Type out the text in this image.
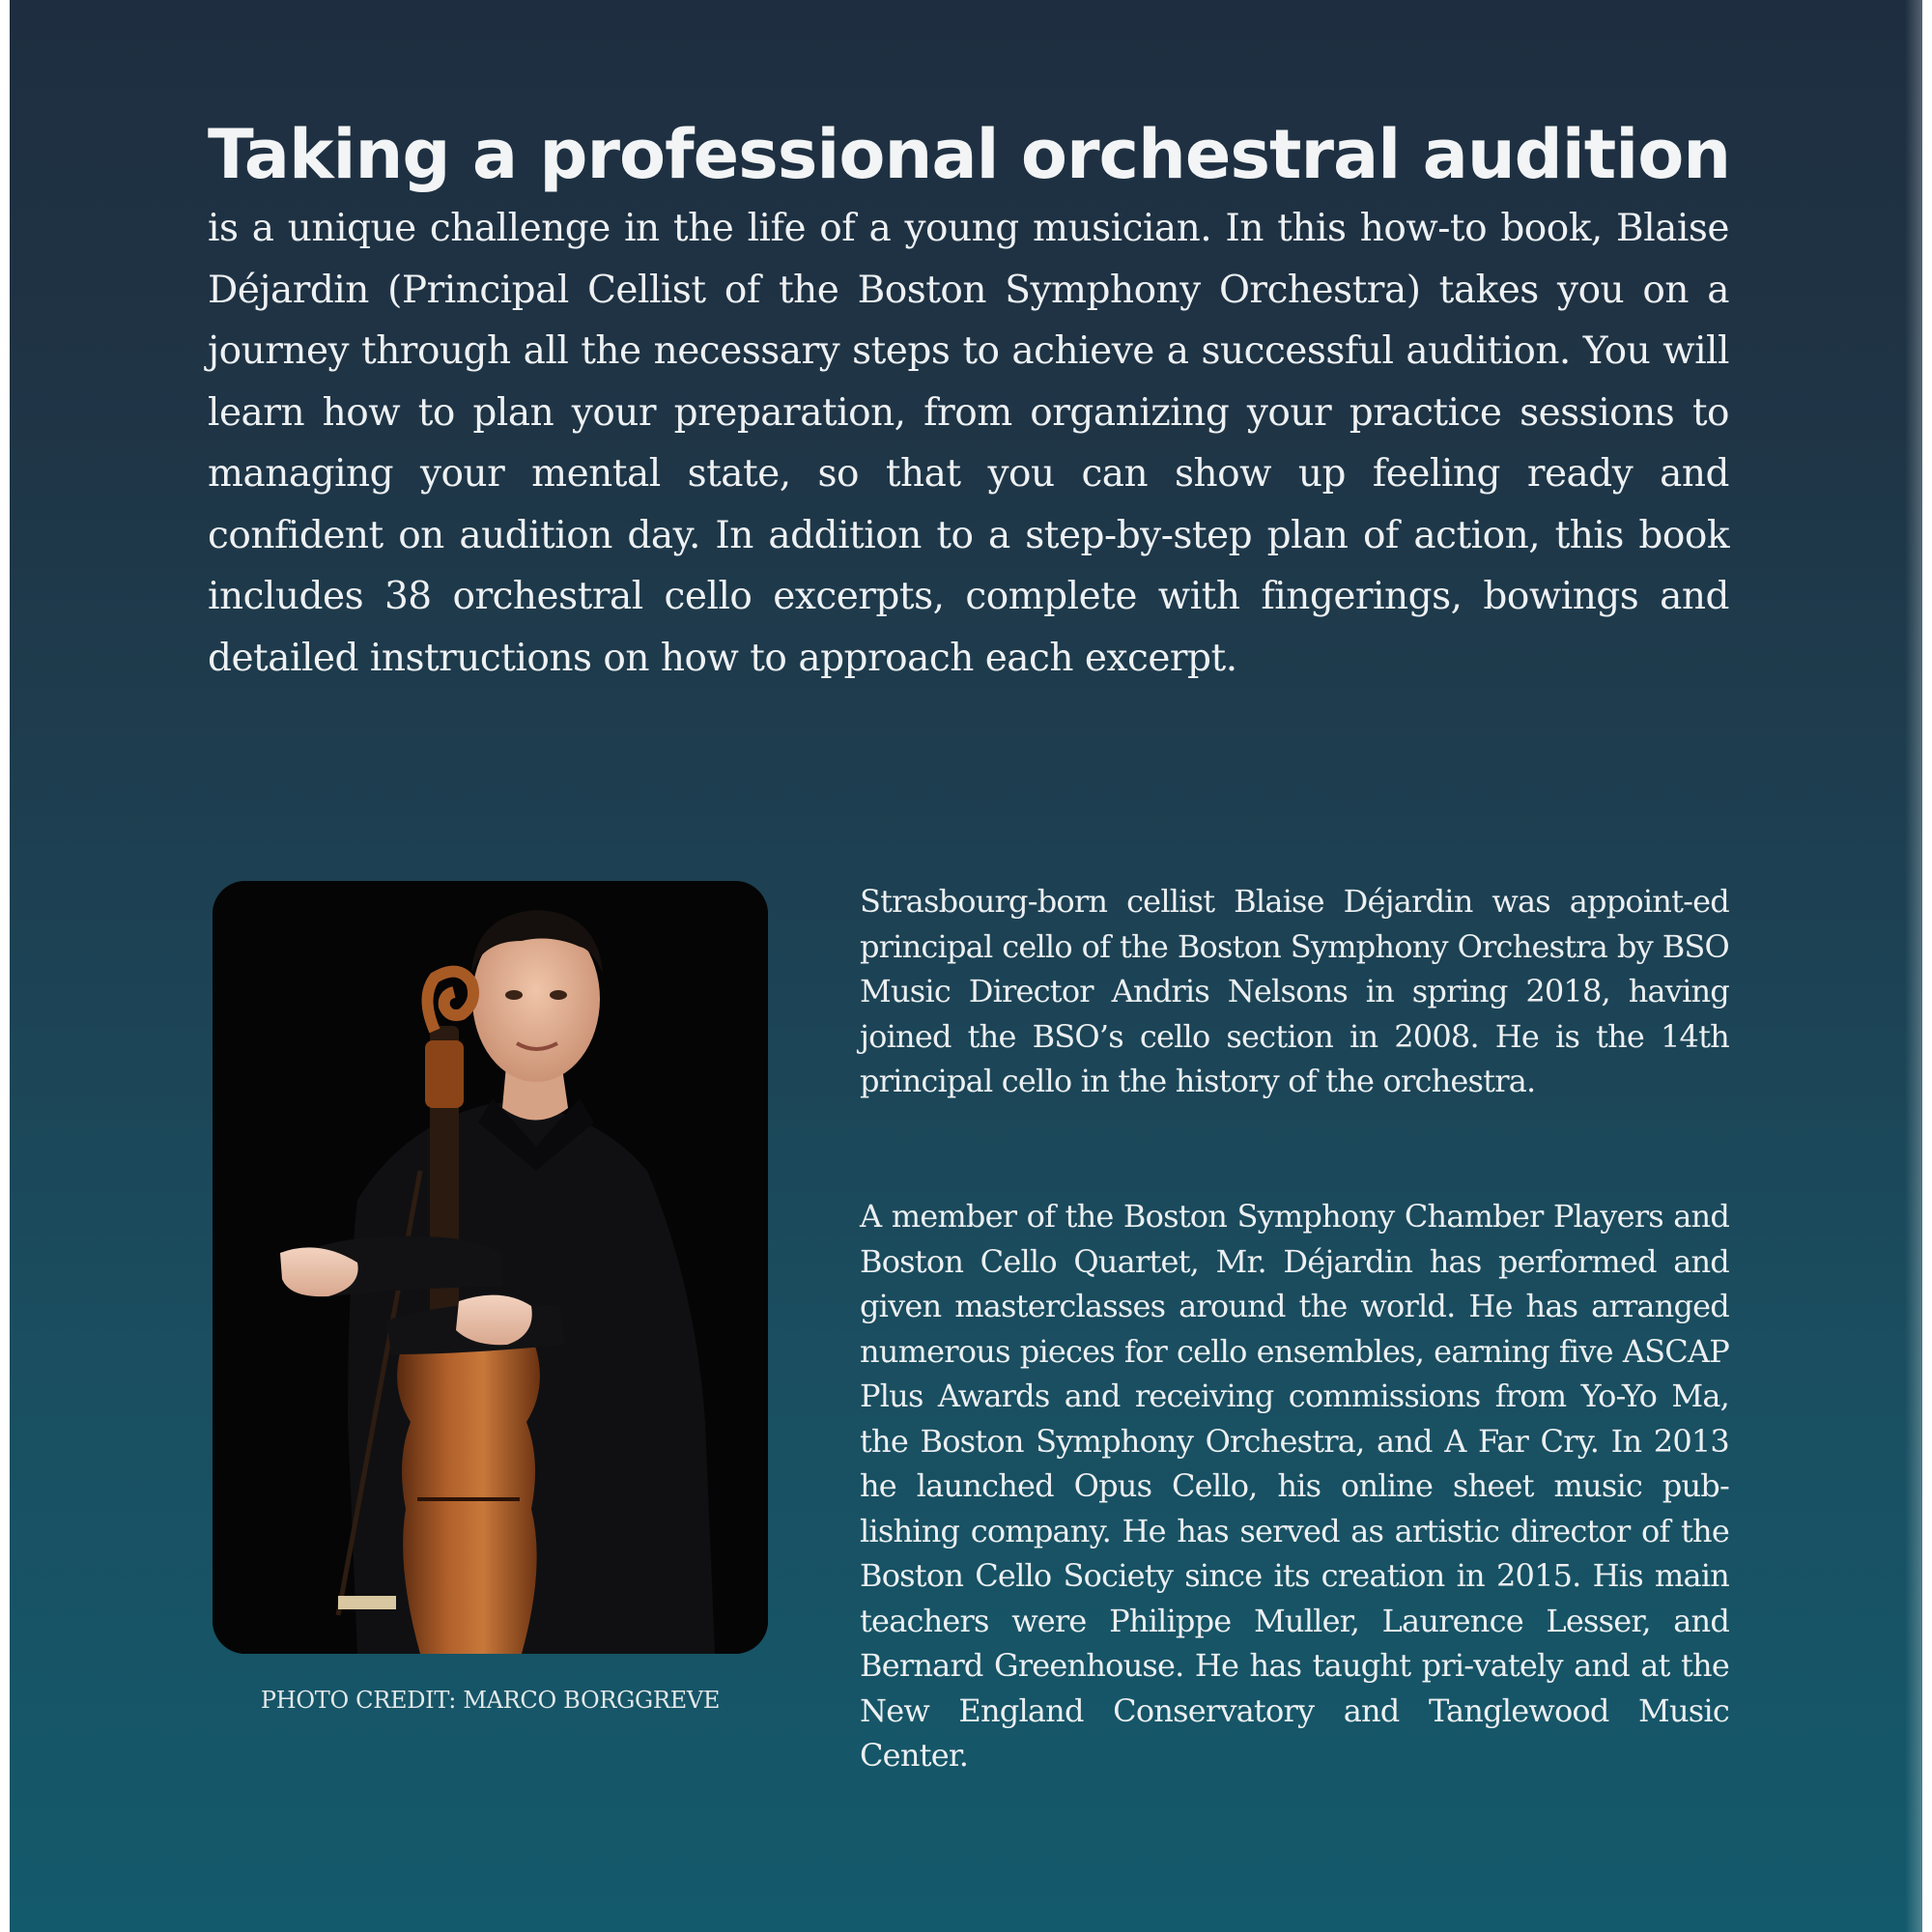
Taking a professional orchestral audition

is a unique challenge in the life of a young musician. In this how-to book, Blaise Déjardin (Principal Cellist of the Boston Symphony Orchestra) takes you on a journey through all the necessary steps to achieve a successful audition. You will learn how to plan your preparation, from organizing your practice sessions to managing your mental state, so that you can show up feeling ready and confident on audition day. In addition to a step-by-step plan of action, this book includes 38 orchestral cello excerpts, complete with fingerings, bowings and detailed instructions on how to approach each excerpt.

PHOTO CREDIT: MARCO BORGGREVE

Strasbourg-born cellist Blaise Déjardin was appoint-ed principal cello of the Boston Symphony Orchestra by BSO Music Director Andris Nelsons in spring 2018, having joined the BSO’s cello section in 2008. He is the 14th principal cello in the history of the orchestra.

A member of the Boston Symphony Chamber Players and Boston Cello Quartet, Mr. Déjardin has performed and given masterclasses around the world. He has arranged numerous pieces for cello ensembles, earning five ASCAP Plus Awards and receiving commissions from Yo-Yo Ma, the Boston Symphony Orchestra, and A Far Cry. In 2013 he launched Opus Cello, his online sheet music pub-lishing company. He has served as artistic director of the Boston Cello Society since its creation in 2015. His main teachers were Philippe Muller, Laurence Lesser, and Bernard Greenhouse. He has taught pri-vately and at the New England Conservatory and Tanglewood Music Center.
